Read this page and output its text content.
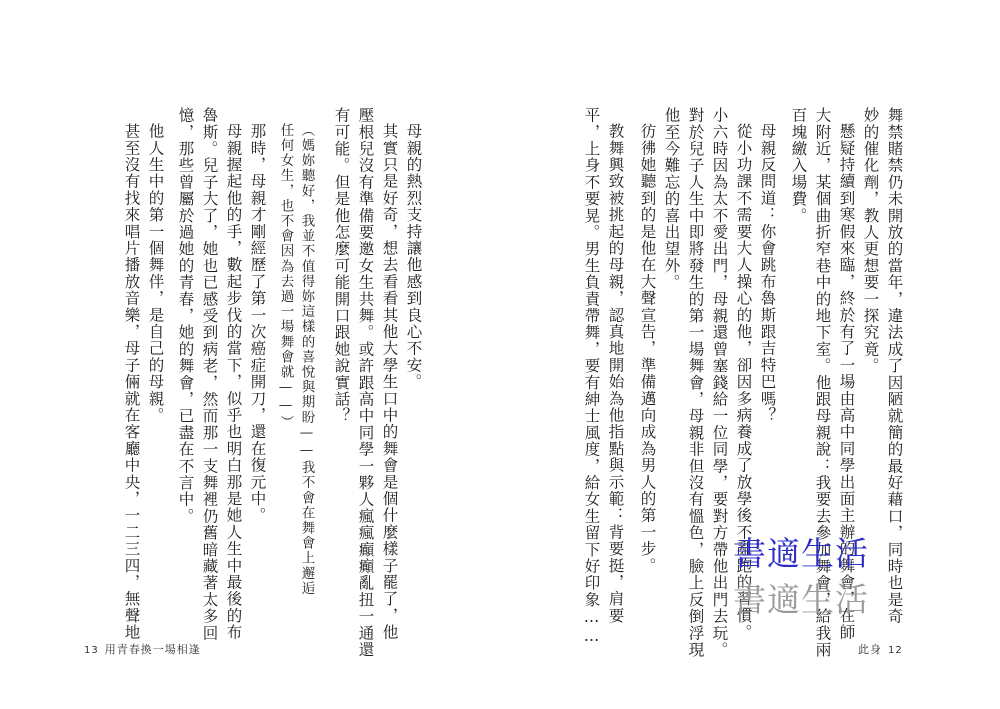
舞禁賭禁仍未開放的當年，違法成了因陋就簡的最好藉口，同時也是奇

妙的催化劑，教人更想要一探究竟。

懸疑持續到寒假來臨，終於有了一場由高中同學出面主辦的舞會，在師

大附近，某個曲折窄巷中的地下室。他跟母親說：我要去參加舞會，給我兩

百塊繳入場費。

母親反問道：你會跳布魯斯跟吉特巴嗎？

從小功課不需要大人操心的他，卻因多病養成了放學後不亂跑的習慣。

小六時因為太不愛出門，母親還曾塞錢給一位同學，要對方帶他出門去玩。

對於兒子人生中即將發生的第一場舞會，母親非但沒有慍色，臉上反倒浮現

他至今難忘的喜出望外。

彷彿她聽到的是他在大聲宣告，準備邁向成為男人的第一步。

教舞興致被挑起的母親，認真地開始為他指點與示範：背要挺，肩要

平，上身不要晃。男生負責帶舞，要有紳士風度，給女生留下好印象……

此身 12

母親的熱烈支持讓他感到良心不安。

其實只是好奇，想去看看其他大學生口中的舞會是個什麼樣子罷了，他

壓根兒沒有準備要邀女生共舞。或許跟高中同學一夥人瘋瘋癲癲亂扭一通還

有可能。但是他怎麼可能開口跟她說實話？

（媽妳聽好，我並不值得妳這樣的喜悅與期盼——我不會在舞會上邂逅

任何女生，也不會因為去過一場舞會就——）

那時，母親才剛經歷了第一次癌症開刀，還在復元中。

母親握起他的手，數起步伐的當下，似乎也明白那是她人生中最後的布

魯斯。兒子大了，她也已感受到病老，然而那一支舞裡仍舊暗藏著太多回

憶，那些曾屬於過她的青春，她的舞會，已盡在不言中。

他人生中的第一個舞伴，是自己的母親。

甚至沒有找來唱片播放音樂，母子倆就在客廳中央，一二三四，無聲地

13 用青春換一場相逢
書適生活
書適生活
